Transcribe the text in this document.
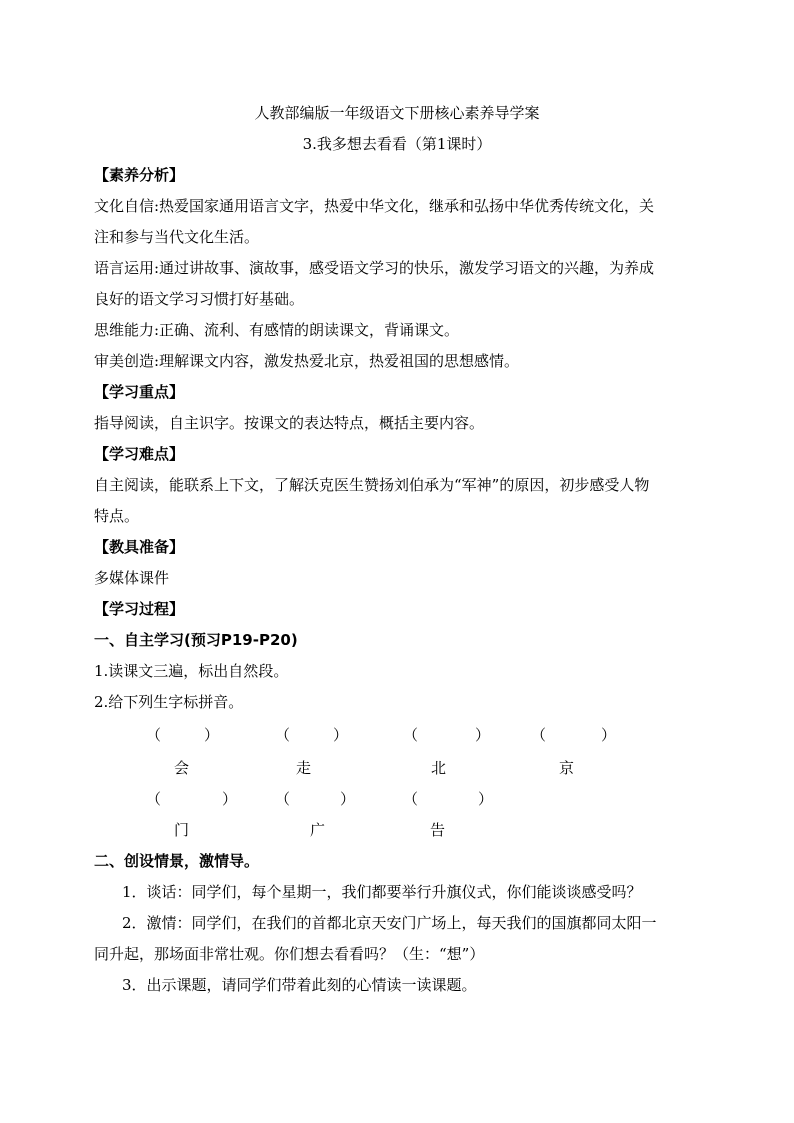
人教部编版一年级语文下册核心素养导学案
3.我多想去看看（第1课时）
【素养分析】
文化自信:热爱国家通用语言文字，热爱中华文化，继承和弘扬中华优秀传统文化，关
注和参与当代文化生活。
语言运用:通过讲故事、演故事，感受语文学习的快乐，激发学习语文的兴趣，为养成
良好的语文学习习惯打好基础。
思维能力:正确、流利、有感情的朗读课文，背诵课文。
审美创造:理解课文内容，激发热爱北京，热爱祖国的思想感情。
【学习重点】
指导阅读，自主识字。按课文的表达特点，概括主要内容。
【学习难点】
自主阅读，能联系上下文，了解沃克医生赞扬刘伯承为“军神”的原因，初步感受人物
特点。
【教具准备】
多媒体课件
【学习过程】
一、自主学习(预习P19-P20)
1.读课文三遍，标出自然段。
2.给下列生字标拼音。
（	）	（	）	（	）	（	）
会	走	北	京
（	）	（	）	（	）
门	广	告
二、创设情景，激情导。
1．谈话：同学们，每个星期一，我们都要举行升旗仪式，你们能谈谈感受吗？
2．激情：同学们，在我们的首都北京天安门广场上，每天我们的国旗都同太阳一
同升起，那场面非常壮观。你们想去看看吗？（生：“想”）
3．出示课题，请同学们带着此刻的心情读一读课题。
